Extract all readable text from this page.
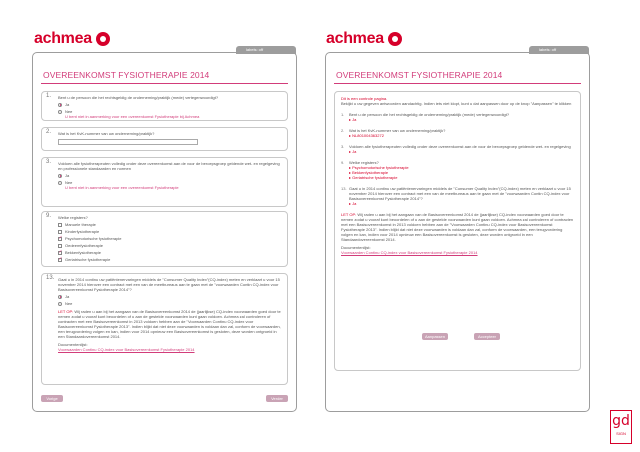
achmea
labels: off
OVEREENKOMST FYSIOTHERAPIE 2014
1. Bent u de persoon die het rechtsgeldig de onderneming/praktijk (mede) vertegenwoordigt?
Ja
Nee
U bent niet in aanmerking voor een overeenkomst Fysiotherapie bij Achmea
2. Wat is het KvK-nummer van uw onderneming/praktijk?
3. Voldoen alle fysiotherapeuten volledig onder deze overeenkomst aan de voor de beroepsgroep geldende wet- en regelgeving en professionele standaarden en normen
Ja
Nee
U bent niet in aanmerking voor een overeenkomst Fysiotherapie
9. Welke registers?
Manuele therapie
Kinderfysiotherapie
✓
Psychomotorische fysiotherapie
Oedeemfysiotherapie
✓
Bekkenfysiotherapie
✓
Geriatrische fysiotherapie
13. Gaat u in 2014 continu uw patiëntenervaringen middels de "Consumer Quality Index"(CQ-index) meten en verklaart u voor 15 november 2014 hierover een contract met een van de meetbureaus aan te gaan met de "voorwaarden Contin CQ-index voor Basisovereenkomst Fysiotherapie 2014"?
Ja
Nee
LET OP: Wij raden u aan bij het aangaan van de Basisovereenkomst 2014 de (jaarlijkse) CQ-index voorwaarden goed door te nemen zodat u vooraf kunt beoordelen of u aan de gestelde voorwaarden kunt gaan voldoen. Achmea zal controleren of contracten met een Basisovereenkomst in 2013 voldoen hebben aan de "Voorwaarden Continu CQ-index voor Basisovereenkomst Fysiotherapie 2013". Indien blijkt dat niet deze voorwaarden is voldaan dan zal, conform de voorwaarden, een terugvordering volgen en kan, indien voor 2014 opnieuw een Basisovereenkomst is gesloten, deze worden ontgroeid in een Standaardovereenkomst 2014.
Documentenlijst:
Voorwaarden Continu CQ-index voor Basisovereenkomst Fysiotherapie 2014
Vorige	Verder
achmea
labels: off
OVEREENKOMST FYSIOTHERAPIE 2014
Dit is een controle pagina.
Bekijkt u uw gegeven antwoorden aandachtig. Indien iets niet klopt, kunt u dat aanpassen door op de knop "Aanpassen" te klikken
1. Bent u de persoon die het rechtsgeldig de onderneming/praktijk (mede) vertegenwoordigt?
▸ Ja
2. Wat is het KvK-nummer van uw onderneming/praktijk?
▸ NL801004363272
3. Voldoen alle fysiotherapeuten volledig onder deze overeenkomst aan de voor de beroepsgroep geldende wet- en regelgeving
▸ Ja
9. Welke registers?
▸ Psychomotorische fysiotherapie
▸ Bekkenfysiotherapie
▸ Geriatrische fysiotherapie
13. Gaat u in 2014 continu uw patiëntenervaringen middels de "Consumer Quality Index"(CQ-index) meten en verklaart u voor 15 november 2014 hierover een contract met een van de meetbureaus aan te gaan met de "voorwaarden Contin CQ-index voor Basisovereenkomst Fysiotherapie 2014"?
▸ Ja
LET OP: Wij raden u aan bij het aangaan van de Basisovereenkomst 2014 de (jaarlijkse) CQ-index voorwaarden goed door te nemen zodat u vooraf kunt beoordelen of u aan de gestelde voorwaarden kunt gaan voldoen. Achmea zal controleren of contracten met een Basisovereenkomst in 2013 voldoen hebben aan de "Voorwaarden Continu CQ-index voor Basisovereenkomst Fysiotherapie 2013". Indien blijkt dat niet deze voorwaarden is voldaan dan zal, conform de voorwaarden, een terugvordering volgen en kan, indien voor 2014 opnieuw een Basisovereenkomst is gesloten, deze worden ontgroeid in een Standaardovereenkomst 2014.
Documentenlijst:
Voorwaarden Continu CQ-index voor Basisovereenkomst Fysiotherapie 2014
Aanpassen	Accepteer
gd
SIGN
